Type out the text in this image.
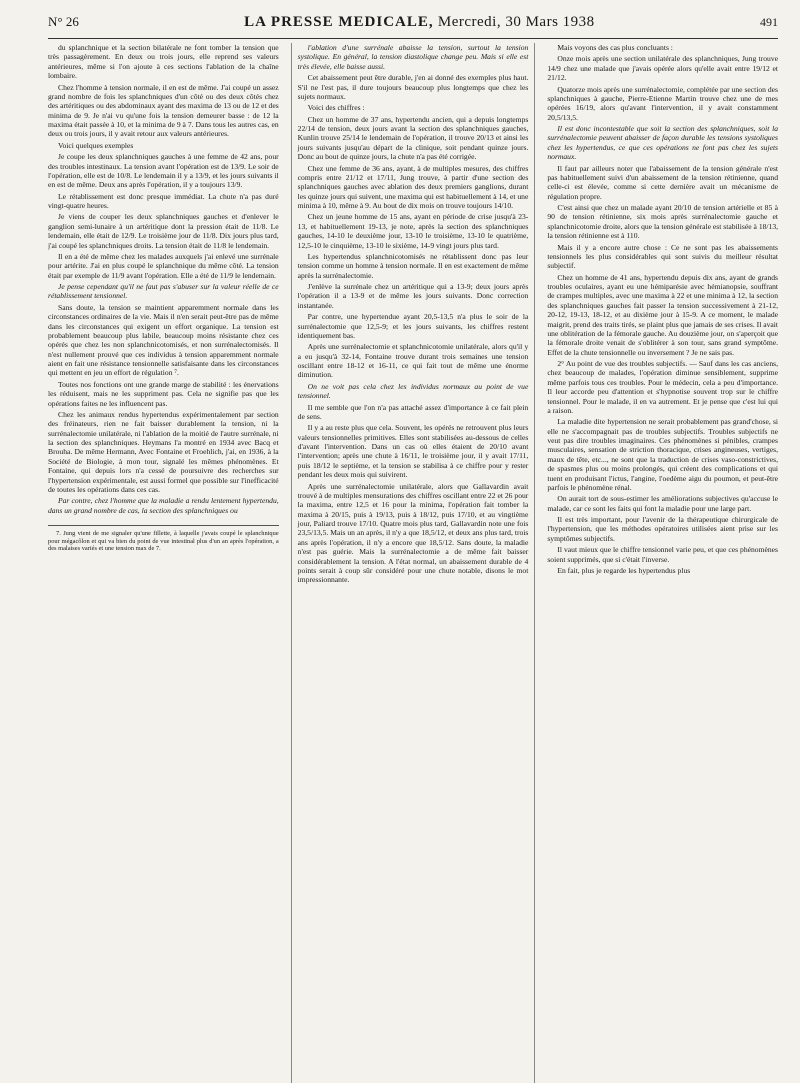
N° 26	LA PRESSE MEDICALE, Mercredi, 30 Mars 1938	491

du splanchnique et la section bilatérale ne font tomber la tension que très passagèrement. En deux ou trois jours, elle reprend ses valeurs antérieures, même si l'on ajoute à ces sections l'ablation de la chaîne lombaire.

Chez l'homme à tension normale, il en est de même. J'ai coupé un assez grand nombre de fois les splanchniques d'un côté ou des deux côtés chez des artéritiques ou des abdominaux ayant des maxima de 13 ou de 12 et des minima de 9. Je n'ai vu qu'une fois la tension demeurer basse : de 12 la maxima était passée à 10, et la minima de 9 à 7. Dans tous les autres cas, en deux ou trois jours, il y avait retour aux valeurs antérieures.

Voici quelques exemples

Je coupe les deux splanchniques gauches à une femme de 42 ans, pour des troubles intestinaux. La tension avant l'opération est de 13/9. Le soir de l'opération, elle est de 10/8. Le lendemain il y a 13/9, et les jours suivants il en est de même. Deux ans après l'opération, il y a toujours 13/9.

Le rétablissement est donc presque immédiat. La chute n'a pas duré vingt-quatre heures.

Je viens de couper les deux splanchniques gauches et d'enlever le ganglion semi-lunaire à un artéritique dont la pression était de 11/8. Le lendemain, elle était de 12/9. Le troisième jour de 11/8. Dix jours plus tard, j'ai coupé les splanchniques droits. La tension était de 11/8 le lendemain.

Il en a été de même chez les malades auxquels j'ai enlevé une surrénale pour artérite. J'ai en plus coupé le splanchnique du même côté. La tension était par exemple de 11/9 avant l'opération. Elle a été de 11/9 le lendemain.

Je pense cependant qu'il ne faut pas s'abuser sur la valeur réelle de ce rétablissement tensionnel.

Sans doute, la tension se maintient apparemment normale dans les circonstances ordinaires de la vie. Mais il n'en serait peut-être pas de même dans les circonstances qui exigent un effort organique. La tension est probablement beaucoup plus labile, beaucoup moins résistante chez ces opérés que chez les non splanchnicotomisés, et non surrénalectomisés. Il n'est nullement prouvé que ces individus à tension apparemment normale aient en fait une résistance tensionnelle satisfaisante dans les circonstances qui mettent en jeu un effort de régulation ⁷.

Toutes nos fonctions ont une grande marge de stabilité : les énervations les réduisent, mais ne les suppriment pas. Cela ne signifie pas que les opérations faites ne les influencent pas.

Chez les animaux rendus hypertendus expérimentalement par section des fréinateurs, rien ne fait baisser durablement la tension, ni la surrénalectomie unilatérale, ni l'ablation de la moitié de l'autre surrénale, ni la section des splanchniques. Heymans l'a montré en 1934 avec Bacq et Brouha. De même Hermann, Avec Fontaine et Froehlich, j'ai, en 1936, à la Société de Biologie, à mon tour, signalé les mêmes phénomènes. Et Fontaine, qui depuis lors n'a cessé de poursuivre des recherches sur l'hypertension expérimentale, est aussi formel que possible sur l'inefficacité de toutes les opérations dans ces cas.

Par contre, chez l'homme que la maladie a rendu lentement hypertendu, dans un grand nombre de cas, la section des splanchniques ou

7. Jung vient de me signaler qu'une fillette, à laquelle j'avais coupé le splanchnique pour mégacôlon et qui va bien du point de vue intestinal plus d'un an après l'opération, a des malaises variés et une tension max de 7.

l'ablation d'une surrénale abaisse la tension, surtout la tension systolique. En général, la tension diastolique change peu. Mais si elle est très élevée, elle baisse aussi.

Cet abaissement peut être durable, j'en ai donné des exemples plus haut. S'il ne l'est pas, il dure toujours beaucoup plus longtemps que chez les sujets normaux.

Voici des chiffres :

Chez un homme de 37 ans, hypertendu ancien, qui a depuis longtemps 22/14 de tension, deux jours avant la section des splanchniques gauches, Kunlin trouve 25/14 le lendemain de l'opération, il trouve 20/13 et ainsi les jours suivants jusqu'au départ de la clinique, soit pendant quinze jours. Donc au bout de quinze jours, la chute n'a pas été corrigée.

Chez une femme de 36 ans, ayant, à de multiples mesures, des chiffres compris entre 21/12 et 17/11, Jung trouve, à partir d'une section des splanchniques gauches avec ablation des deux premiers ganglions, durant les quinze jours qui suivent, une maxima qui est habituellement à 14, et une minima à 10, même à 9. Au bout de dix mois on trouve toujours 14/10.

Chez un jeune homme de 15 ans, ayant en période de crise jusqu'à 23-13, et habituellement 19-13, je note, après la section des splanchniques gauches, 14-10 le deuxième jour, 13-10 le troisième, 13-10 le quatrième, 12,5-10 le cinquième, 13-10 le sixième, 14-9 vingt jours plus tard.

Les hypertendus splanchnicotomisés ne rétablissent donc pas leur tension comme un homme à tension normale. Il en est exactement de même après la surrénalectomie.

J'enlève la surrénale chez un artéritique qui a 13-9; deux jours après l'opération il a 13-9 et de même les jours suivants. Donc correction instantanée.

Par contre, une hypertendue ayant 20,5-13,5 n'a plus le soir de la surrénalectomie que 12,5-9; et les jours suivants, les chiffres restent identiquement bas.

Après une surrénalectomie et splanchnicotomie unilatérale, alors qu'il y a eu jusqu'à 32-14, Fontaine trouve durant trois semaines une tension oscillant entre 18-12 et 16-11, ce qui fait tout de même une énorme diminution.

On ne voit pas cela chez les individus normaux au point de vue tensionnel.

Il me semble que l'on n'a pas attaché assez d'importance à ce fait plein de sens.

Il y a au reste plus que cela. Souvent, les opérés ne retrouvent plus leurs valeurs tensionnelles primitives. Elles sont stabilisées au-dessous de celles d'avant l'intervention. Dans un cas où elles étaient de 20/10 avant l'intervention; après une chute à 16/11, le troisième jour, il y avait 17/11, puis 18/12 le septième, et la tension se stabilisa à ce chiffre pour y rester pendant les deux mois qui suivirent.

Après une surrénalectomie unilatérale, alors que Gallavardin avait trouvé à de multiples mensurations des chiffres oscillant entre 22 et 26 pour la maxima, entre 12,5 et 16 pour la minima, l'opération fait tomber la maxima à 20/15, puis à 19/13, puis à 18/12, puis 17/10, et au vingtième jour, Paliard trouve 17/10. Quatre mois plus tard, Gallavardin note une fois 23,5/13,5. Mais un an après, il n'y a que 18,5/12, et deux ans plus tard, trois ans après l'opération, il n'y a encore que 18,5/12. Sans doute, la maladie n'est pas guérie. Mais la surrénalectomie a de même fait baisser considérablement la tension. A l'état normal, un abaissement durable de 4 points serait à coup sûr considéré pour une chute notable, disons le mot impressionnante.

Mais voyons des cas plus concluants :

Onze mois après une section unilatérale des splanchniques, Jung trouve 14/9 chez une malade que j'avais opérée alors qu'elle avait entre 19/12 et 21/12.

Quatorze mois après une surrénalectomie, complétée par une section des splanchniques à gauche, Pierre-Etienne Martin trouve chez une de mes opérées 16/19, alors qu'avant l'intervention, il y avait constamment 20,5/13,5.

Il est donc incontestable que soit la section des splanchniques, soit la surrénalectomie peuvent abaisser de façon durable les tensions systoliques chez les hypertendus, ce que ces opérations ne font pas chez les sujets normaux.

Il faut par ailleurs noter que l'abaissement de la tension générale n'est pas habituellement suivi d'un abaissement de la tension rétinienne, quand celle-ci est élevée, comme si cette dernière avait un mécanisme de régulation propre.

C'est ainsi que chez un malade ayant 20/10 de tension artérielle et 85 à 90 de tension rétinienne, six mois après surrénalectomie gauche et splanchnicotomie droite, alors que la tension générale est stabilisée à 18/13, la tension rétinienne est à 110.

Mais il y a encore autre chose : Ce ne sont pas les abaissements tensionnels les plus considérables qui sont suivis du meilleur résultat subjectif.

Chez un homme de 41 ans, hypertendu depuis dix ans, ayant de grands troubles oculaires, ayant eu une hémiparésie avec hémianopsie, souffrant de crampes multiples, avec une maxima à 22 et une minima à 12, la section des splanchniques gauches fait passer la tension successivement à 21-12, 20-12, 19-13, 18-12, et au dixième jour à 15-9. A ce moment, le malade maigrit, prend des traits tirés, se plaint plus que jamais de ses crises. Il avait une oblitération de la fémorale gauche. Au douzième jour, on s'aperçoit que la fémorale droite venait de s'oblitérer à son tour, sans grand symptôme. Effet de la chute tensionnelle ou inversement ? Je ne sais pas.

2° Au point de vue des troubles subjectifs. — Sauf dans les cas anciens, chez beaucoup de malades, l'opération diminue sensiblement, supprime même parfois tous ces troubles. Pour le médecin, cela a peu d'importance. Il leur accorde peu d'attention et s'hypnotise souvent trop sur le chiffre tensionnel. Pour le malade, il en va autrement. Et je pense que c'est lui qui a raison.

La maladie dite hypertension ne serait probablement pas grand'chose, si elle ne s'accompagnait pas de troubles subjectifs. Troubles subjectifs ne veut pas dire troubles imaginaires. Ces phénomènes si pénibles, crampes musculaires, sensation de striction thoracique, crises angineuses, vertiges, maux de tête, etc..., ne sont que la traduction de crises vaso-constrictives, de spasmes plus ou moins prolongés, qui créent des complications et qui tuent en produisant l'ictus, l'angine, l'oedème aigu du poumon, et peut-être parfois le phénomène rénal.

On aurait tort de sous-estimer les améliorations subjectives qu'accuse le malade, car ce sont les faits qui font la maladie pour une large part.

Il est très important, pour l'avenir de la thérapeutique chirurgicale de l'hypertension, que les méthodes opératoires utilisées aient prise sur les symptômes subjectifs.

Il vaut mieux que le chiffre tensionnel varie peu, et que ces phénomènes soient supprimés, que si c'était l'inverse.

En fait, plus je regarde les hypertendus plus
